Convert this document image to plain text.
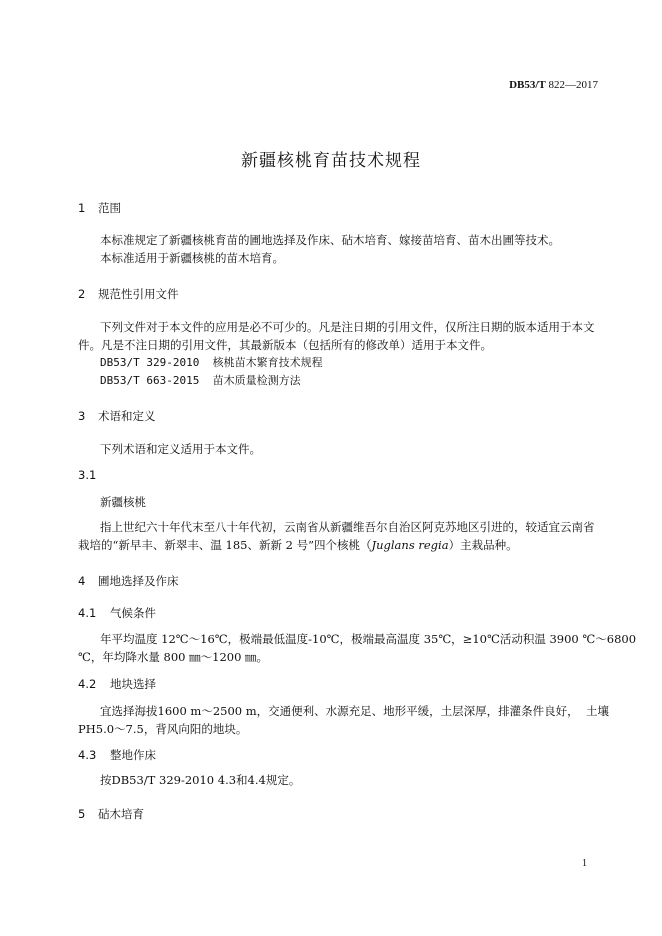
DB53/T 822—2017
新疆核桃育苗技术规程
1 范围
本标准规定了新疆核桃育苗的圃地选择及作床、砧木培育、嫁接苗培育、苗木出圃等技术。
本标准适用于新疆核桃的苗木培育。
2 规范性引用文件
下列文件对于本文件的应用是必不可少的。凡是注日期的引用文件，仅所注日期的版本适用于本文
件。凡是不注日期的引用文件，其最新版本（包括所有的修改单）适用于本文件。
DB53/T 329-2010  核桃苗木繁育技术规程
DB53/T 663-2015  苗木质量检测方法
3 术语和定义
下列术语和定义适用于本文件。
3.1
新疆核桃
指上世纪六十年代末至八十年代初，云南省从新疆维吾尔自治区阿克苏地区引进的，较适宜云南省
栽培的“新早丰、新翠丰、温 185、新新 2 号”四个核桃（Juglans regia）主栽品种。
4 圃地选择及作床
4.1 气候条件
年平均温度 12℃～16℃，极端最低温度-10℃，极端最高温度 35℃，≥10℃活动积温 3900 ℃～6800
℃，年均降水量 800 ㎜～1200 ㎜。
4.2 地块选择
宜选择海拔1600 m～2500 m，交通便利、水源充足、地形平缓，土层深厚，排灌条件良好，  土壤
PH5.0～7.5，背风向阳的地块。
4.3 整地作床
按DB53/T 329-2010 4.3和4.4规定。
5 砧木培育
1
